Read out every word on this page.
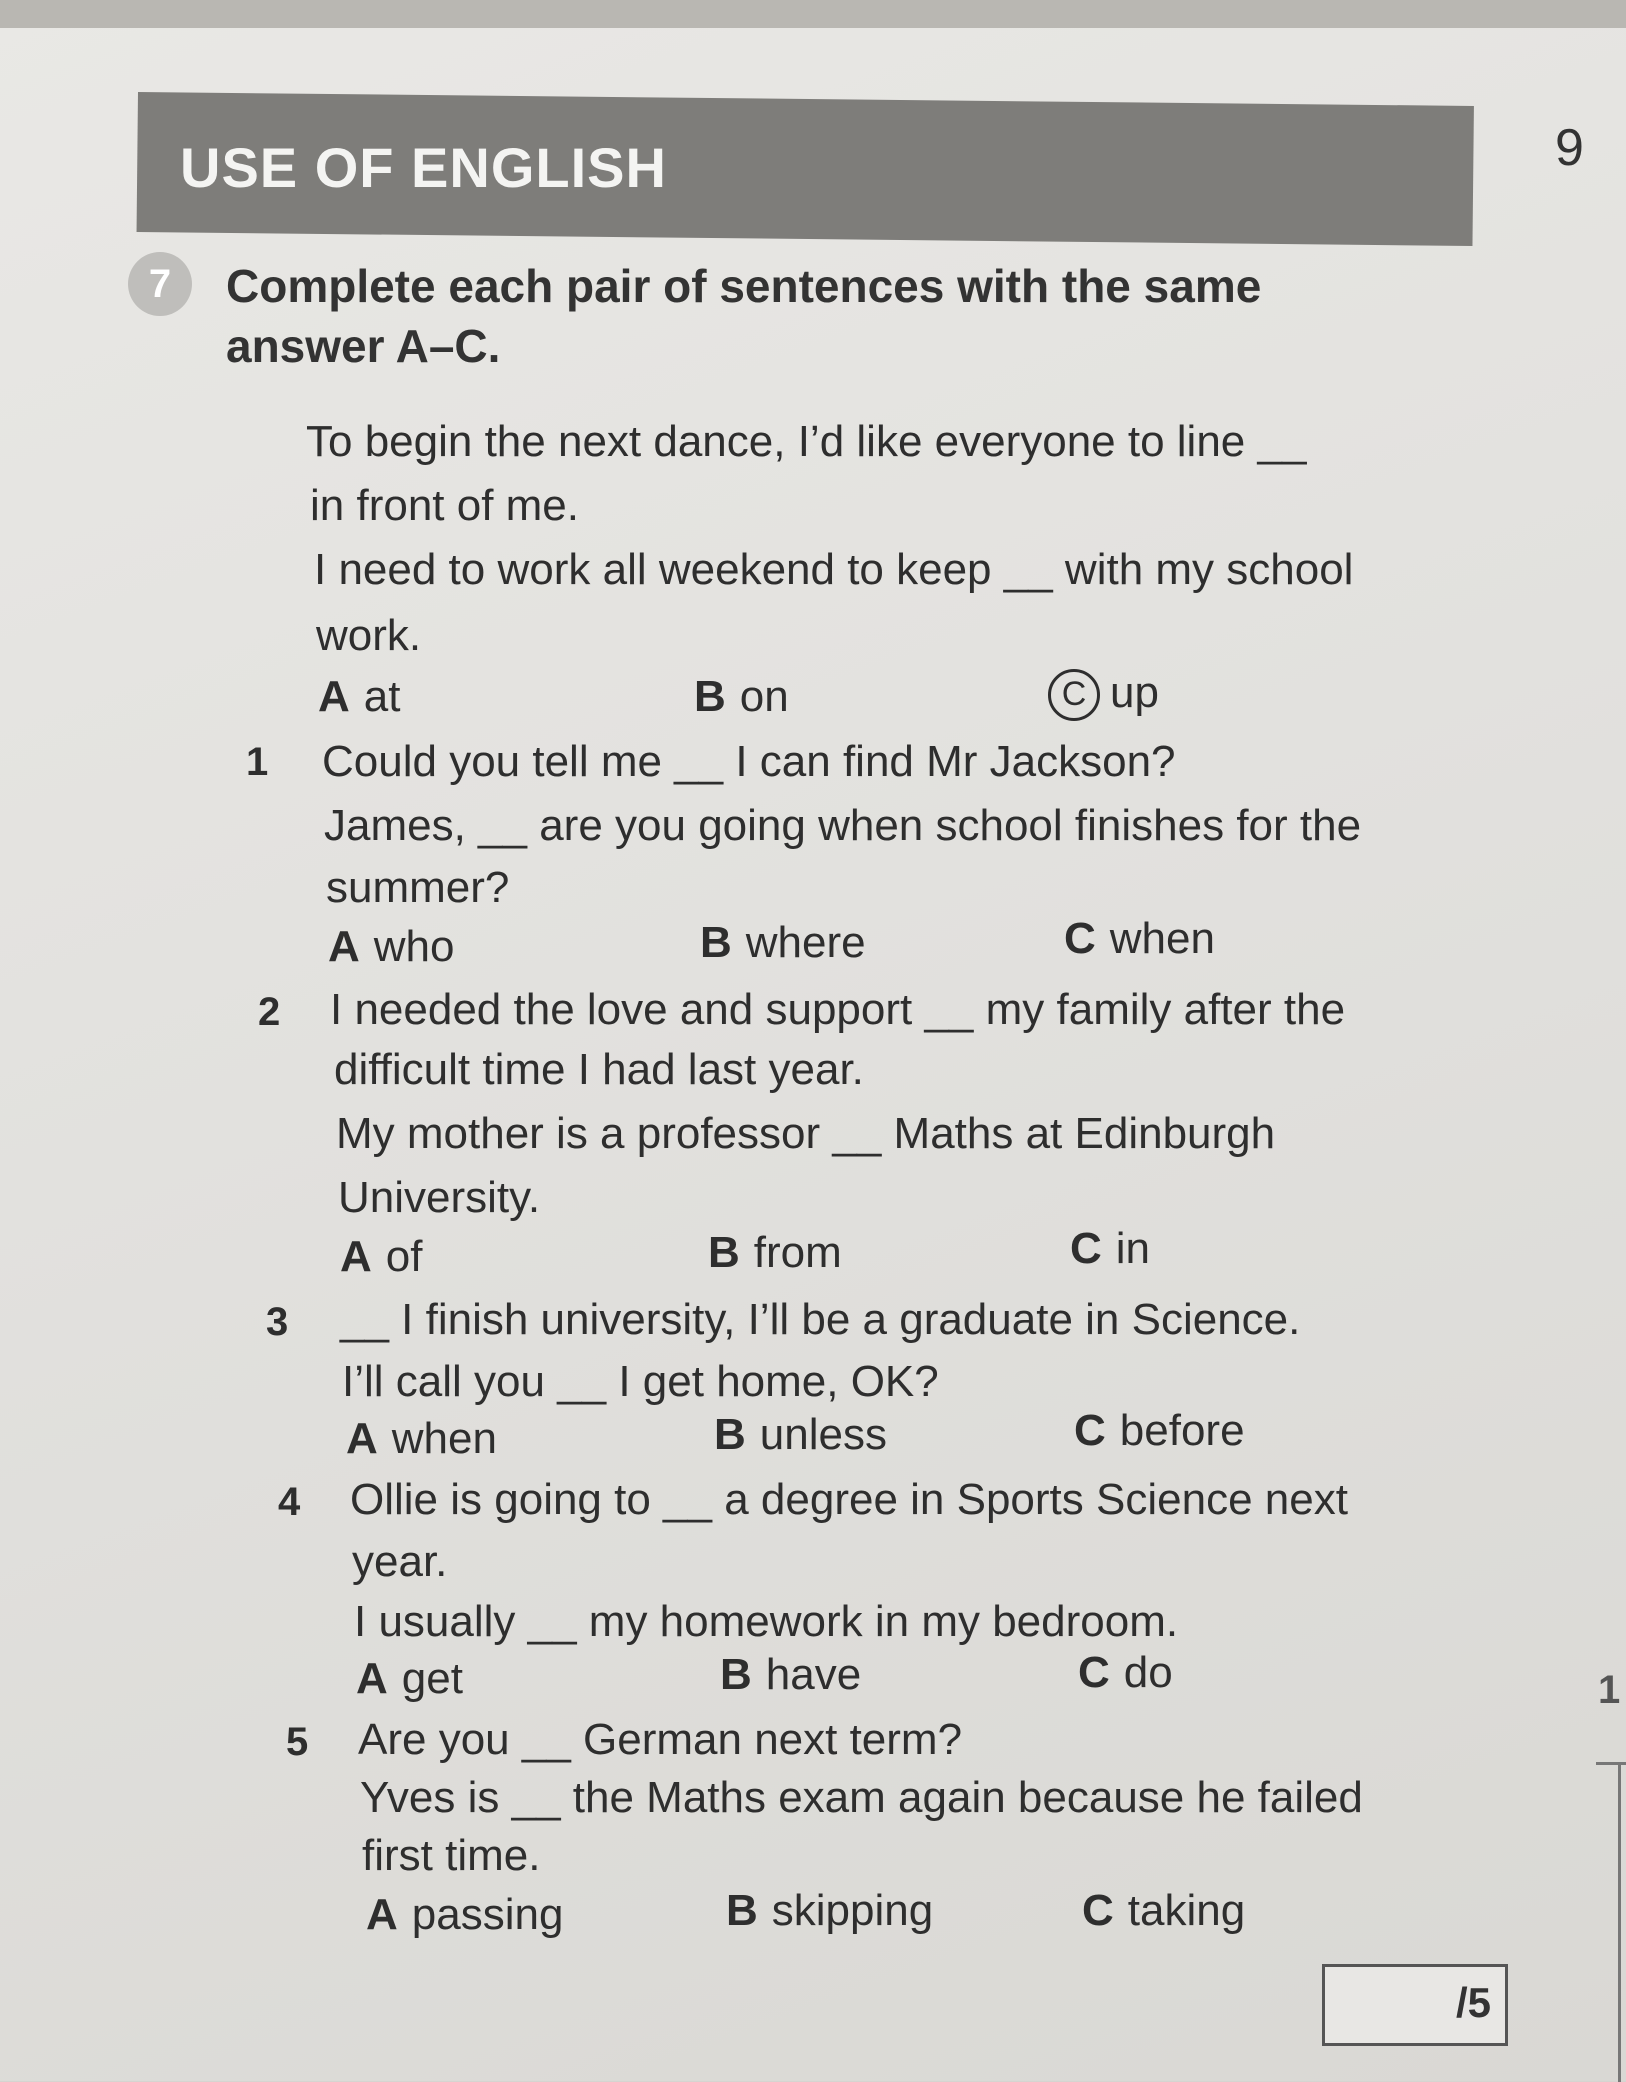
USE OF ENGLISH	9
7	Complete each pair of sentences with the same
answer A–C.
To begin the next dance, I’d like everyone to line __
in front of me.
I need to work all weekend to keep __ with my school
work.
A at	B on	C up
1 Could you tell me __ I can find Mr Jackson?
James, __ are you going when school finishes for the
summer?
A who	B where	C when
2 I needed the love and support __ my family after the
difficult time I had last year.
My mother is a professor __ Maths at Edinburgh
University.
A of	B from	C in
3 __ I finish university, I’ll be a graduate in Science.
I’ll call you __ I get home, OK?
A when	B unless	C before
4 Ollie is going to __ a degree in Sports Science next
year.
I usually __ my homework in my bedroom.
A get	B have	C do
5 Are you __ German next term?
Yves is __ the Maths exam again because he failed
first time.
A passing	B skipping	C taking
/5
1
